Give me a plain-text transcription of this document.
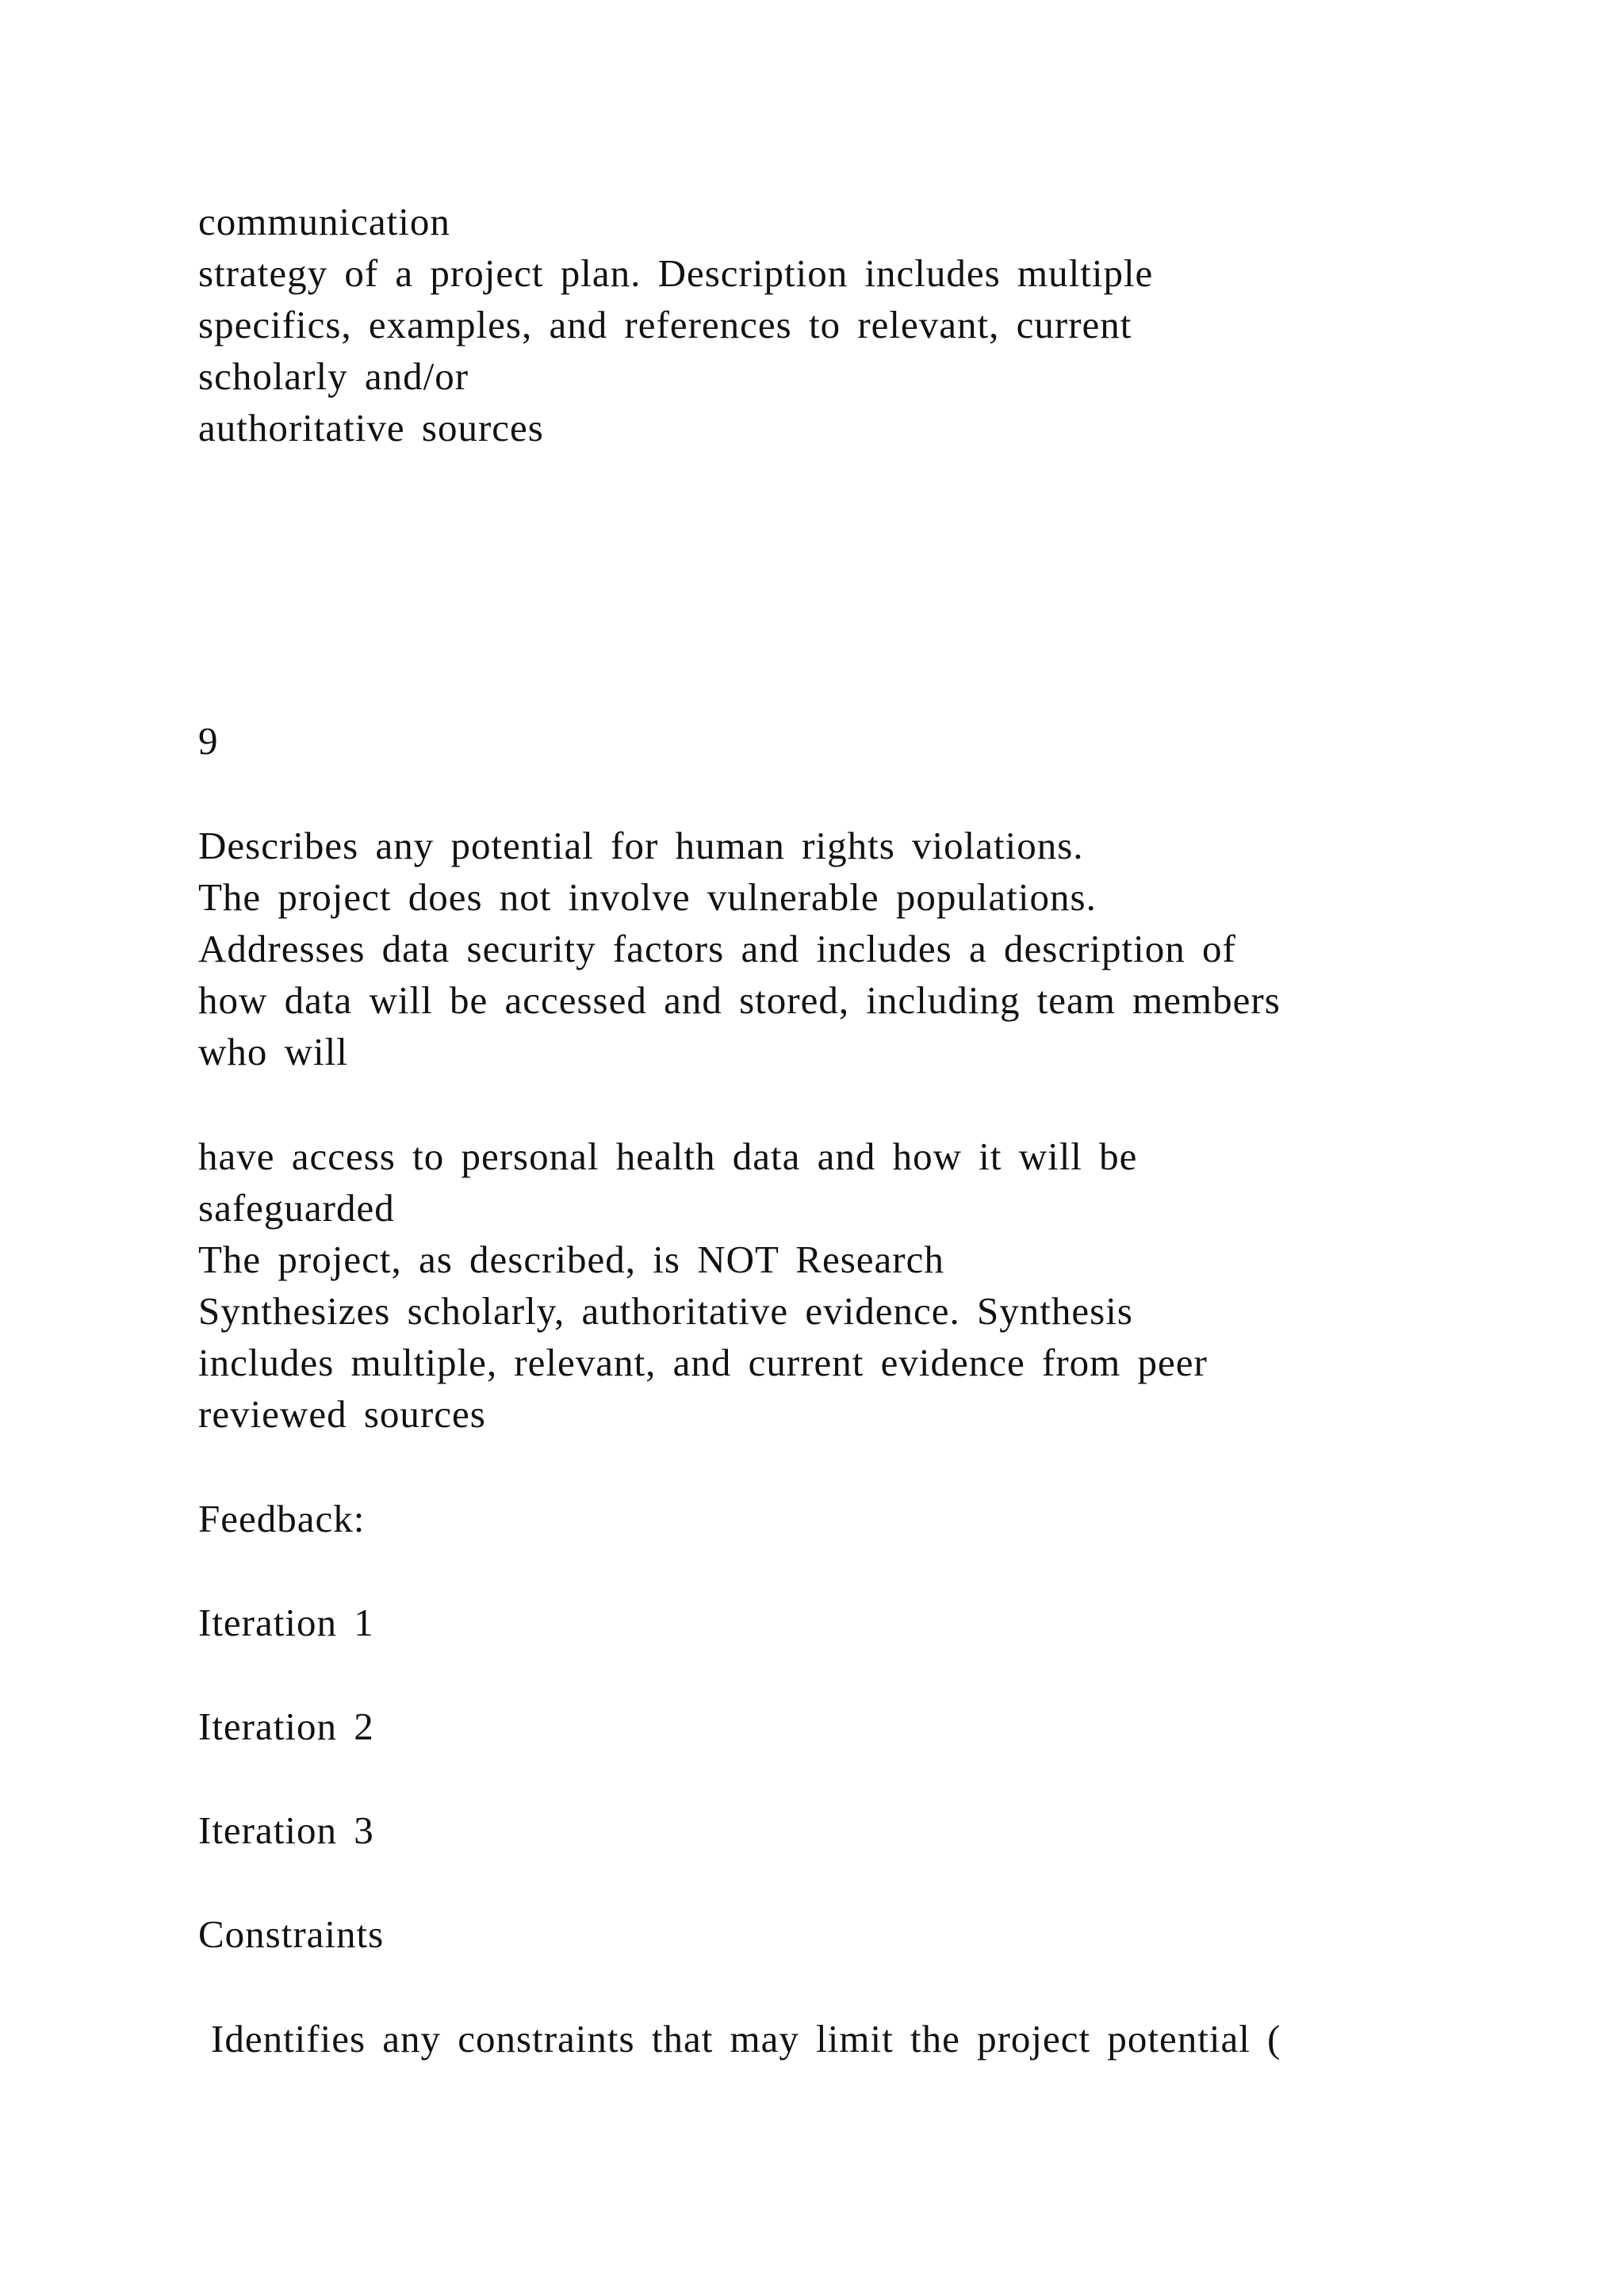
communication

strategy of a project plan. Description includes multiple

specifics, examples, and references to relevant, current

scholarly and/or

authoritative sources

9

Describes any potential for human rights violations.

The project does not involve vulnerable populations.

Addresses data security factors and includes a description of

how data will be accessed and stored, including team members

who will

have access to personal health data and how it will be

safeguarded

The project, as described, is NOT Research

Synthesizes scholarly, authoritative evidence. Synthesis

includes multiple, relevant, and current evidence from peer

reviewed sources

Feedback:

Iteration 1

Iteration 2

Iteration 3

Constraints

Identifies any constraints that may limit the project potential (
